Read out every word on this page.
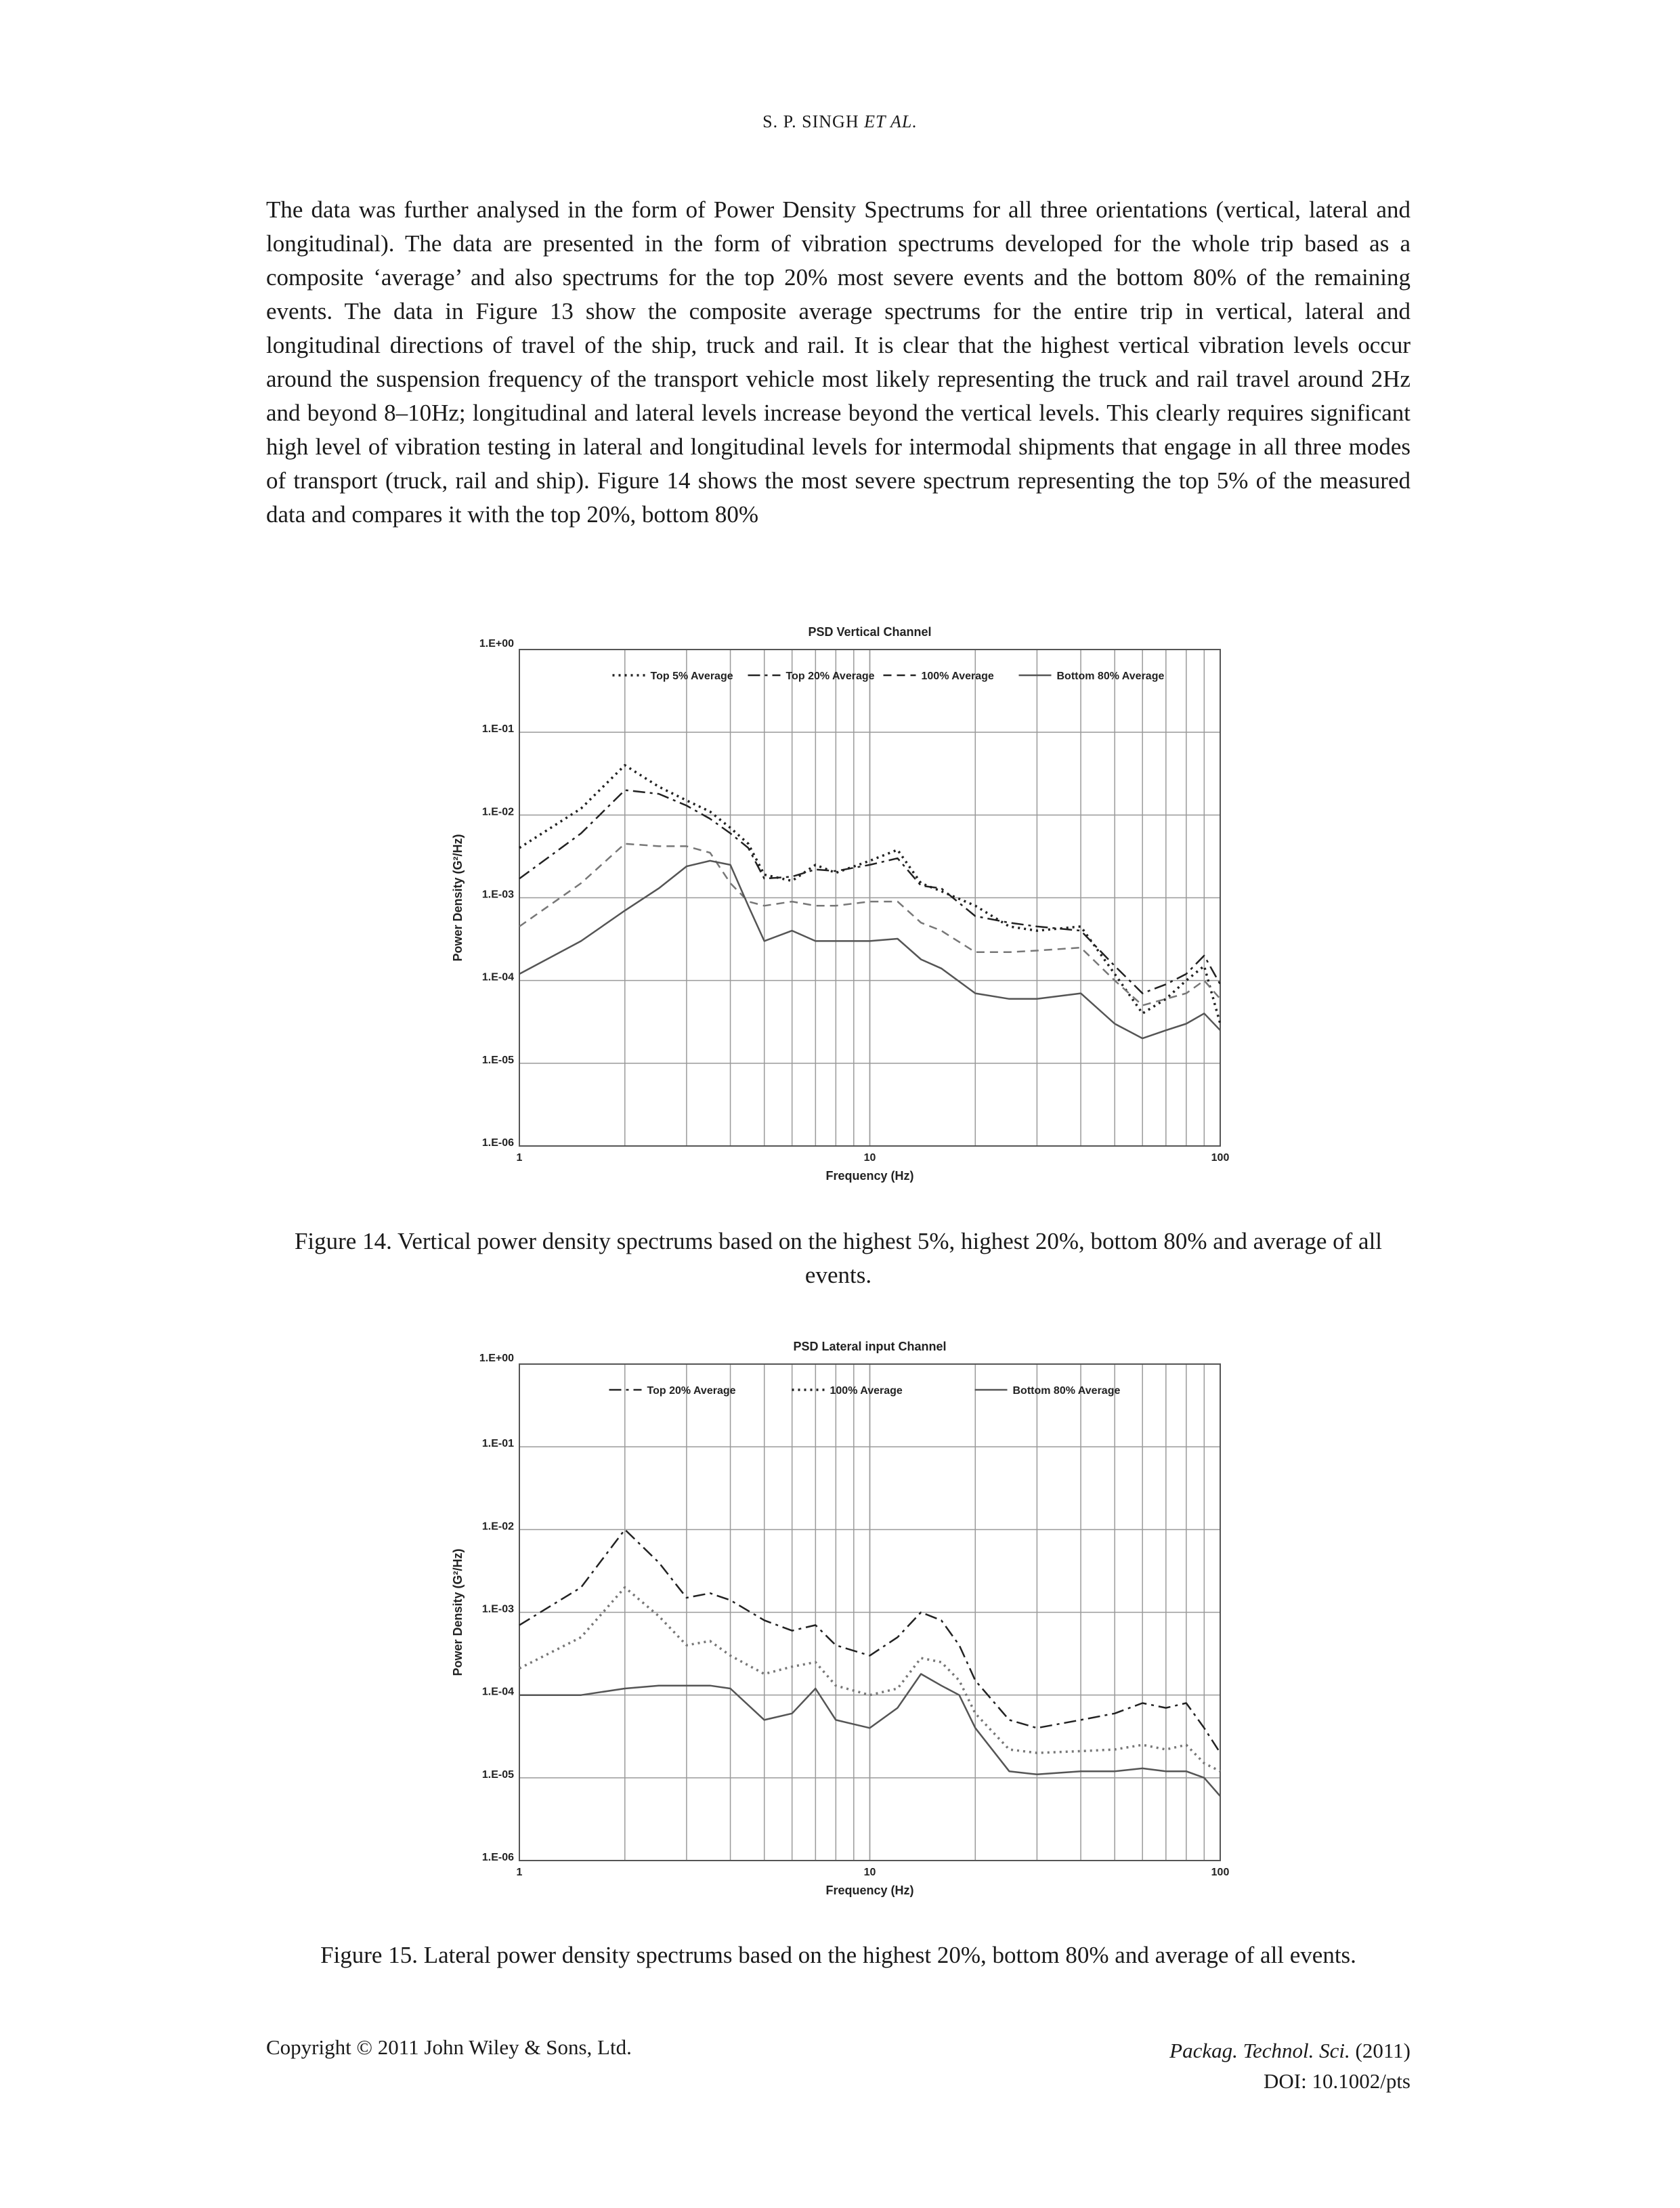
S. P. SINGH ET AL.

The data was further analysed in the form of Power Density Spectrums for all three orientations (vertical, lateral and longitudinal). The data are presented in the form of vibration spectrums developed for the whole trip based as a composite ‘average’ and also spectrums for the top 20% most severe events and the bottom 80% of the remaining events. The data in Figure 13 show the composite average spectrums for the entire trip in vertical, lateral and longitudinal directions of travel of the ship, truck and rail. It is clear that the highest vertical vibration levels occur around the suspension frequency of the transport vehicle most likely representing the truck and rail travel around 2Hz and beyond 8–10Hz; longitudinal and lateral levels increase beyond the vertical levels. This clearly requires significant high level of vibration testing in lateral and longitudinal levels for intermodal shipments that engage in all three modes of transport (truck, rail and ship). Figure 14 shows the most severe spectrum representing the top 5% of the measured data and compares it with the top 20%, bottom 80%

PSD Vertical Channel
1.E+00
1.E-01
1.E-02
1.E-03
1.E-04
1.E-05
1.E-06
1	10	100
Frequency (Hz)
Power Density (G²/Hz)
Top 5% Average	Top 20% Average	100% Average	Bottom 80% Average

Figure 14. Vertical power density spectrums based on the highest 5%, highest 20%, bottom 80% and average of all events.

PSD Lateral input Channel
1.E+00
1.E-01
1.E-02
1.E-03
1.E-04
1.E-05
1.E-06
1	10	100
Frequency (Hz)
Power Density (G²/Hz)
Top 20% Average	100% Average	Bottom 80% Average

Figure 15. Lateral power density spectrums based on the highest 20%, bottom 80% and average of all events.

Copyright © 2011 John Wiley & Sons, Ltd.	Packag. Technol. Sci. (2011)
DOI: 10.1002/pts
